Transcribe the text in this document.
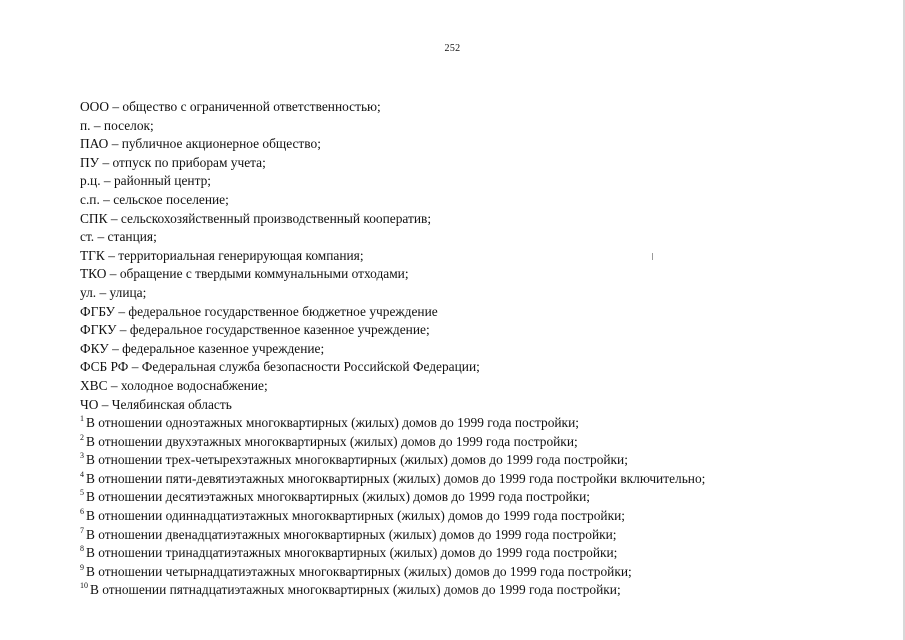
252
ООО – общество с ограниченной ответственностью;
п. – поселок;
ПАО – публичное акционерное общество;
ПУ – отпуск по приборам учета;
р.ц. – районный центр;
с.п. – сельское поселение;
СПК – сельскохозяйственный производственный кооператив;
ст. – станция;
ТГК – территориальная генерирующая компания;
ТКО – обращение с твердыми коммунальными отходами;
ул. – улица;
ФГБУ – федеральное государственное бюджетное учреждение
ФГКУ – федеральное государственное казенное учреждение;
ФКУ – федеральное казенное учреждение;
ФСБ РФ – Федеральная служба безопасности Российской Федерации;
ХВС – холодное водоснабжение;
ЧО – Челябинская область
$^1$ В отношении одноэтажных многоквартирных (жилых) домов до 1999 года постройки;
$^2$ В отношении двухэтажных многоквартирных (жилых) домов до 1999 года постройки;
$^3$ В отношении трех-четырехэтажных многоквартирных (жилых) домов до 1999 года постройки;
$^4$ В отношении пяти-девятиэтажных многоквартирных (жилых) домов до 1999 года постройки включительно;
$^5$ В отношении десятиэтажных многоквартирных (жилых) домов до 1999 года постройки;
$^6$ В отношении одиннадцатиэтажных многоквартирных (жилых) домов до 1999 года постройки;
$^7$ В отношении двенадцатиэтажных многоквартирных (жилых) домов до 1999 года постройки;
$^8$ В отношении тринадцатиэтажных многоквартирных (жилых) домов до 1999 года постройки;
$^9$ В отношении четырнадцатиэтажных многоквартирных (жилых) домов до 1999 года постройки;
$^{10}$ В отношении пятнадцатиэтажных многоквартирных (жилых) домов до 1999 года постройки;
